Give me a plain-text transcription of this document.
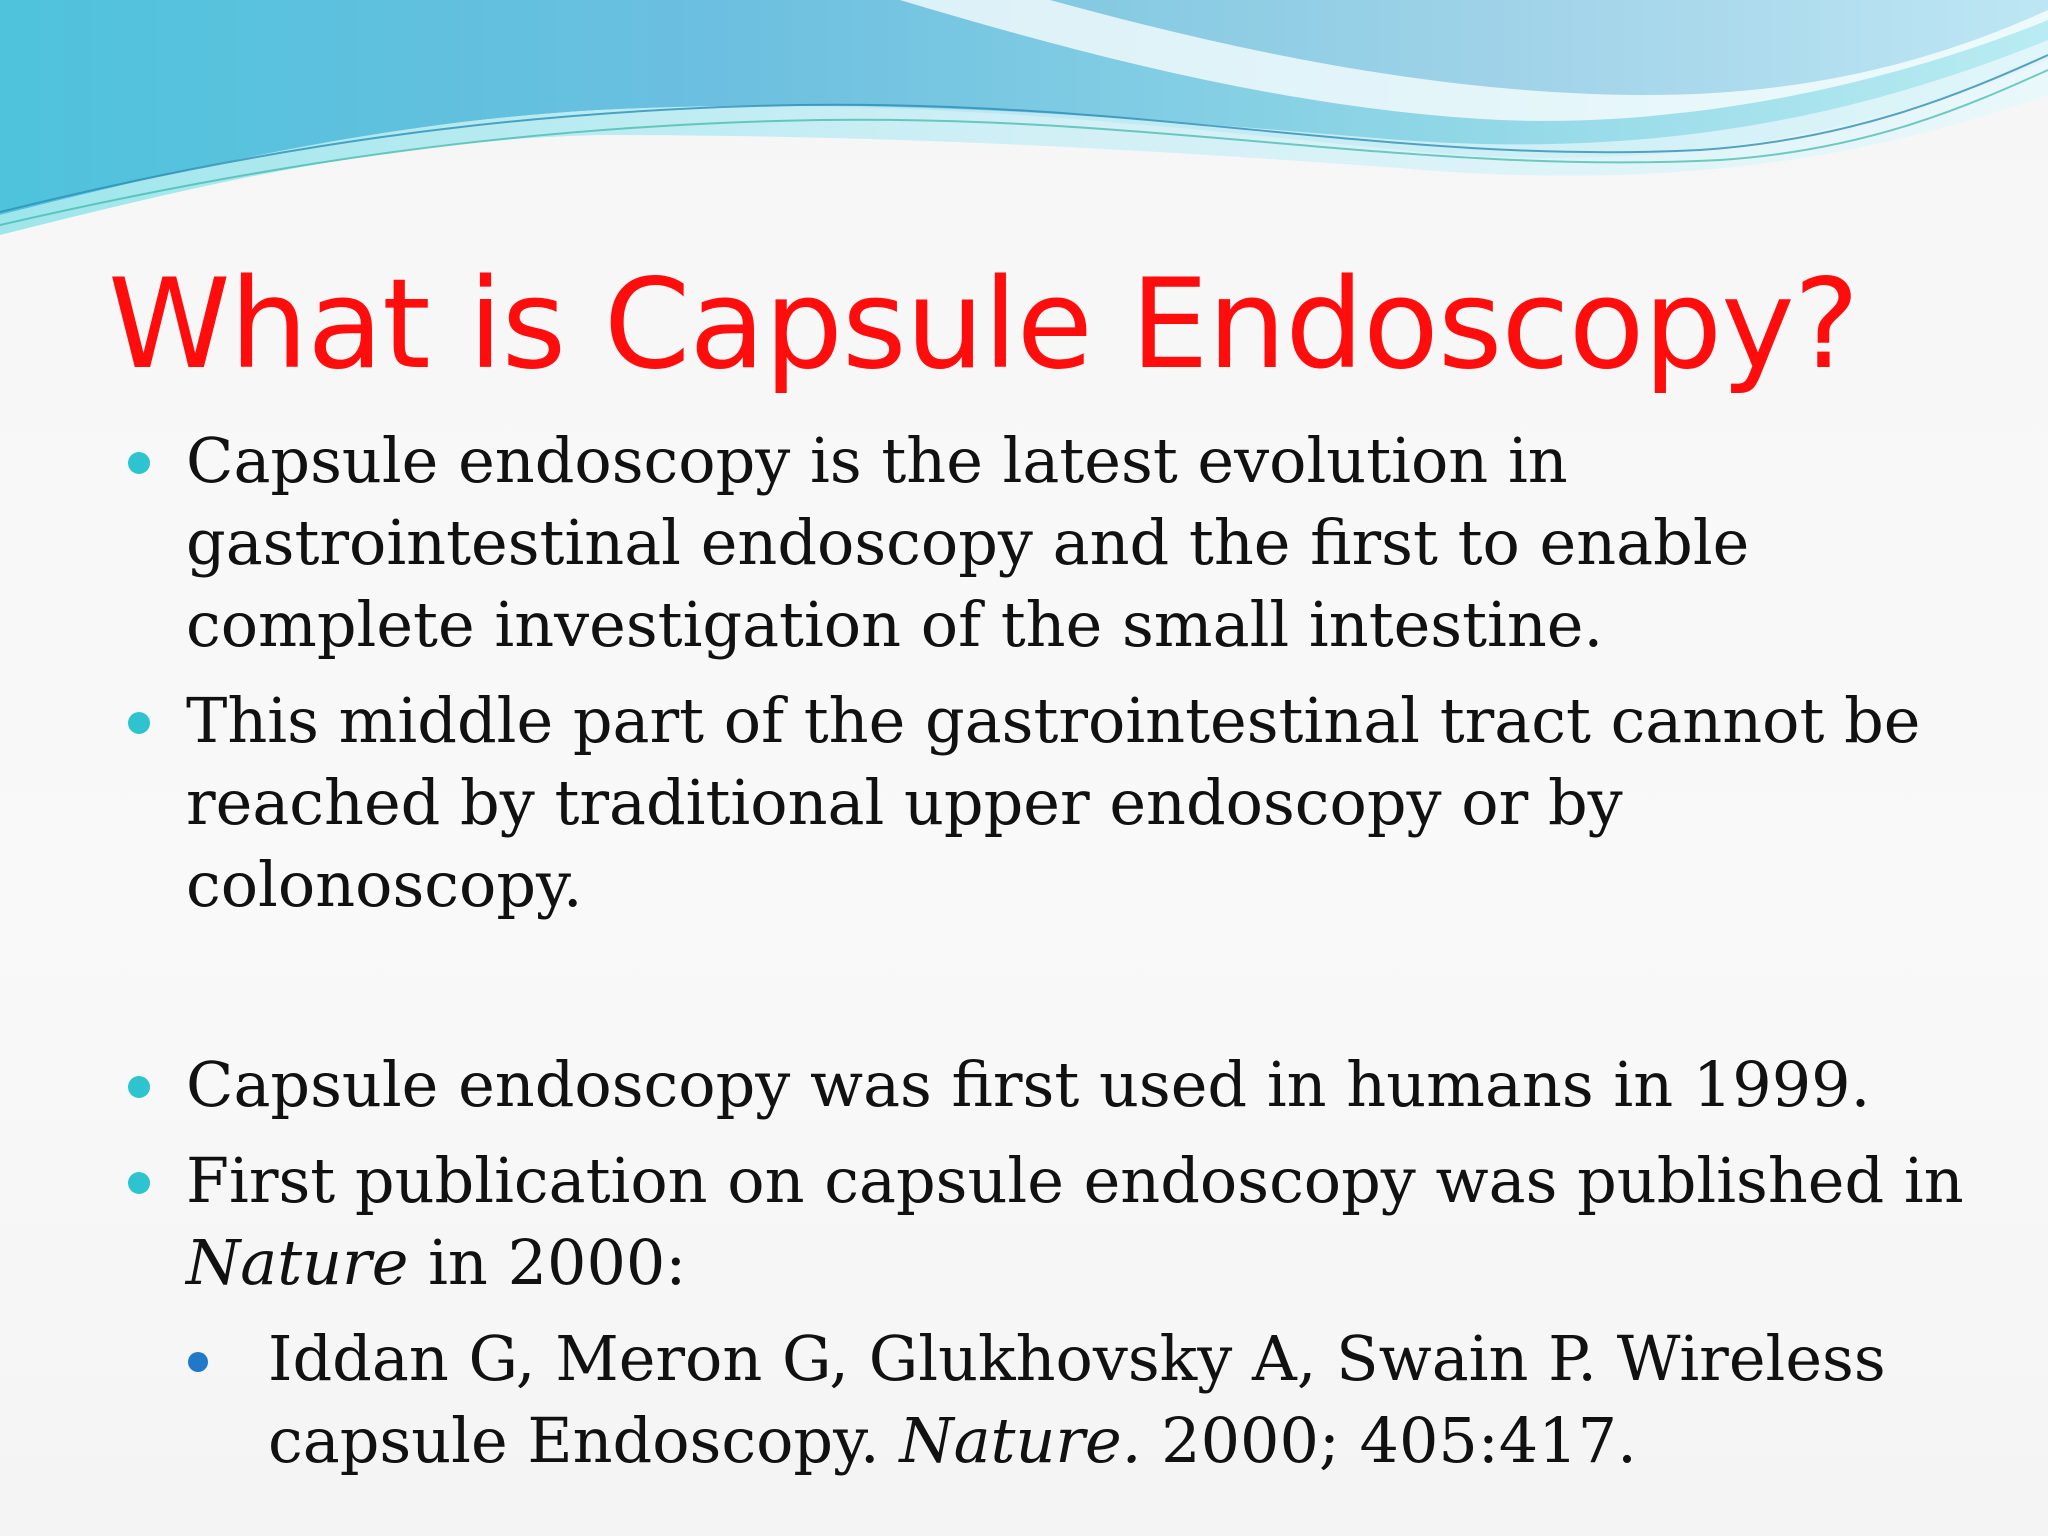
What is Capsule Endoscopy?
Capsule endoscopy is the latest evolution in gastrointestinal endoscopy and the first to enable complete investigation of the small intestine.
This middle part of the gastrointestinal tract cannot be reached by traditional upper endoscopy or by colonoscopy.
Capsule endoscopy was first used in humans in 1999.
First publication on capsule endoscopy was published in Nature in 2000:
Iddan G, Meron G, Glukhovsky A, Swain P. Wireless capsule Endoscopy. Nature. 2000; 405:417.
